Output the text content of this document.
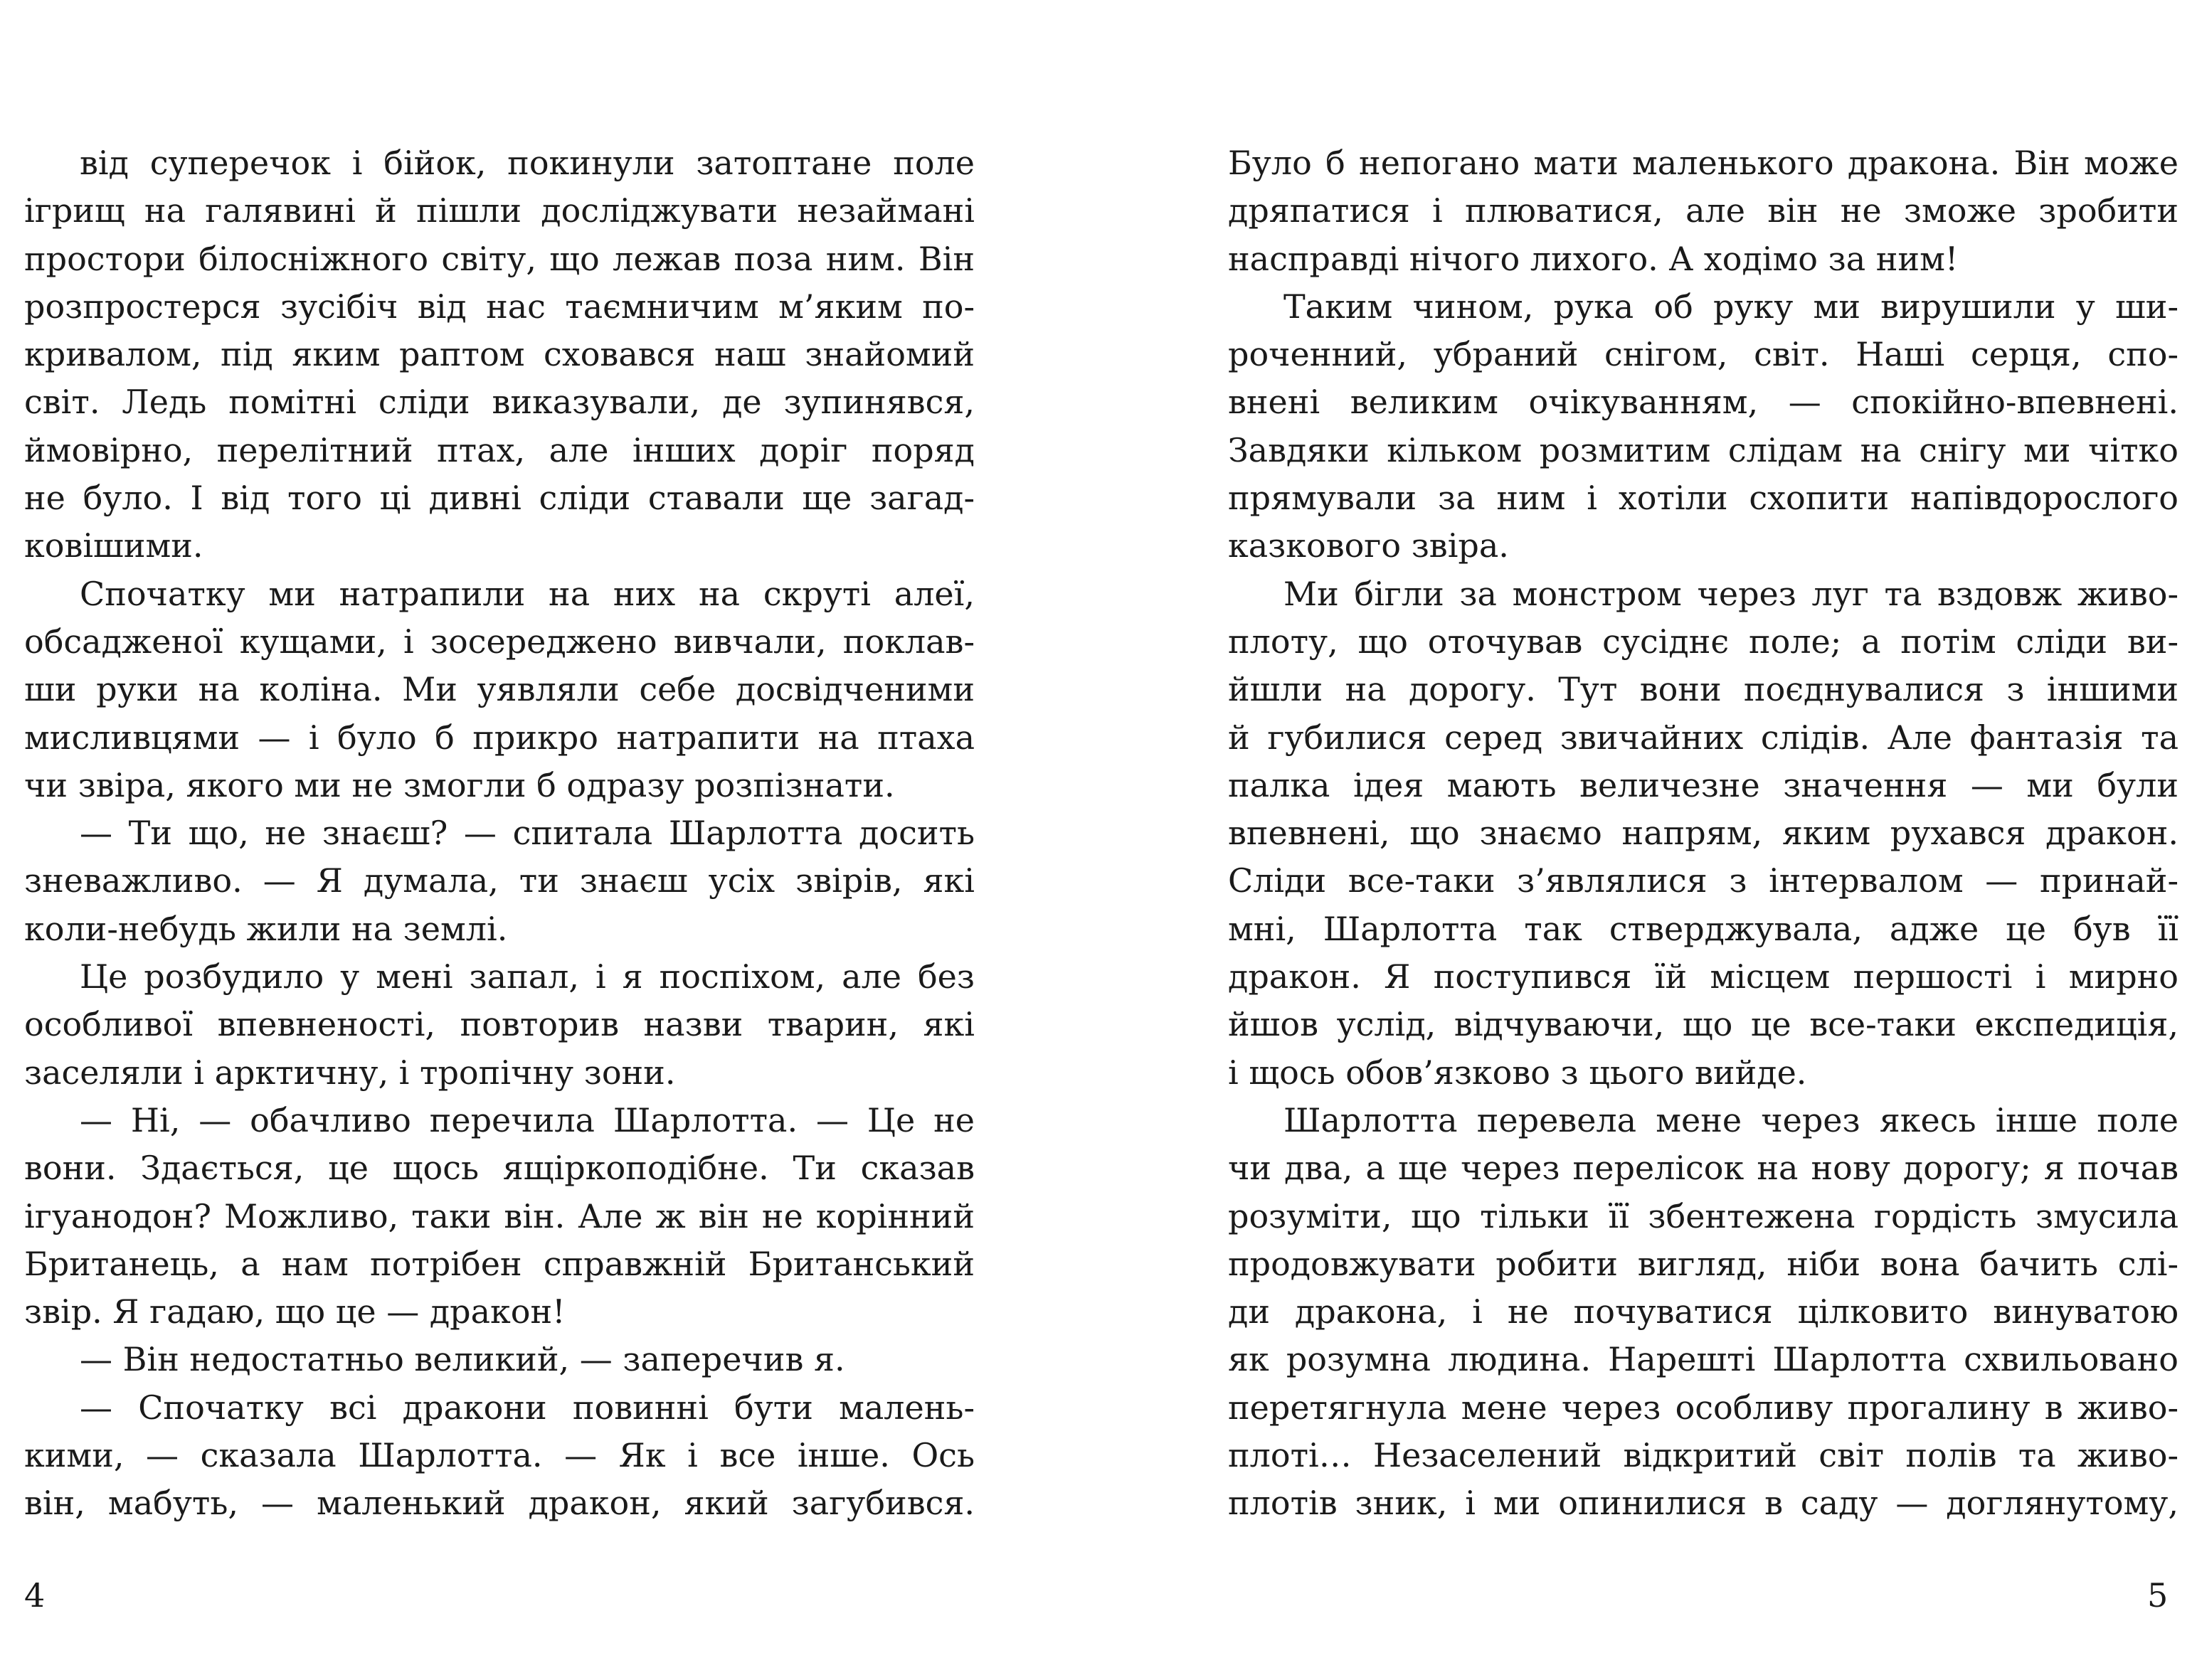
від суперечок і бійок, покинули затоптане поле
ігрищ на галявині й пішли досліджувати незаймані
простори білосніжного світу, що лежав поза ним. Він
розпростерся зусібіч від нас таємничим м’яким по-
кривалом, під яким раптом сховався наш знайомий
світ. Ледь помітні сліди виказували, де зупинявся,
ймовірно, перелітний птах, але інших доріг поряд
не було. І від того ці дивні сліди ставали ще загад-
ковішими.
Спочатку ми натрапили на них на скруті алеї,
обсадженої кущами, і зосереджено вивчали, поклав-
ши руки на коліна. Ми уявляли себе досвідченими
мисливцями — і було б прикро натрапити на птаха
чи звіра, якого ми не змогли б одразу розпізнати.
— Ти що, не знаєш? — спитала Шарлотта досить
зневажливо. — Я думала, ти знаєш усіх звірів, які
коли-небудь жили на землі.
Це розбудило у мені запал, і я поспіхом, але без
особливої впевненості, повторив назви тварин, які
заселяли і арктичну, і тропічну зони.
— Ні, — обачливо перечила Шарлотта. — Це не
вони. Здається, це щось ящіркоподібне. Ти сказав
ігуанодон? Можливо, таки він. Але ж він не корінний
Британець, а нам потрібен справжній Британський
звір. Я гадаю, що це — дракон!
— Він недостатньо великий, — заперечив я.
— Спочатку всі дракони повинні бути малень-
кими, — сказала Шарлотта. — Як і все інше. Ось
він, мабуть, — маленький дракон, який загубився.
Було б непогано мати маленького дракона. Він може
дряпатися і плюватися, але він не зможе зробити
насправді нічого лихого. А ходімо за ним!
Таким чином, рука об руку ми вирушили у ши-
роченний, убраний снігом, світ. Наші серця, спо-
внені великим очікуванням, — спокійно-впевнені.
Завдяки кільком розмитим слідам на снігу ми чітко
прямували за ним і хотіли схопити напівдорослого
казкового звіра.
Ми бігли за монстром через луг та вздовж живо-
плоту, що оточував сусіднє поле; а потім сліди ви-
йшли на дорогу. Тут вони поєднувалися з іншими
й губилися серед звичайних слідів. Але фантазія та
палка ідея мають величезне значення — ми були
впевнені, що знаємо напрям, яким рухався дракон.
Сліди все-таки з’являлися з інтервалом — принай-
мні, Шарлотта так стверджувала, адже це був її
дракон. Я поступився їй місцем першості і мирно
йшов услід, відчуваючи, що це все-таки експедиція,
і щось обов’язково з цього вийде.
Шарлотта перевела мене через якесь інше поле
чи два, а ще через перелісок на нову дорогу; я почав
розуміти, що тільки її збентежена гордість змусила
продовжувати робити вигляд, ніби вона бачить слі-
ди дракона, і не почуватися цілковито винуватою
як розумна людина. Нарешті Шарлотта схвильовано
перетягнула мене через особливу прогалину в живо-
плоті… Незаселений відкритий світ полів та живо-
плотів зник, і ми опинилися в саду — доглянутому,
4	5
